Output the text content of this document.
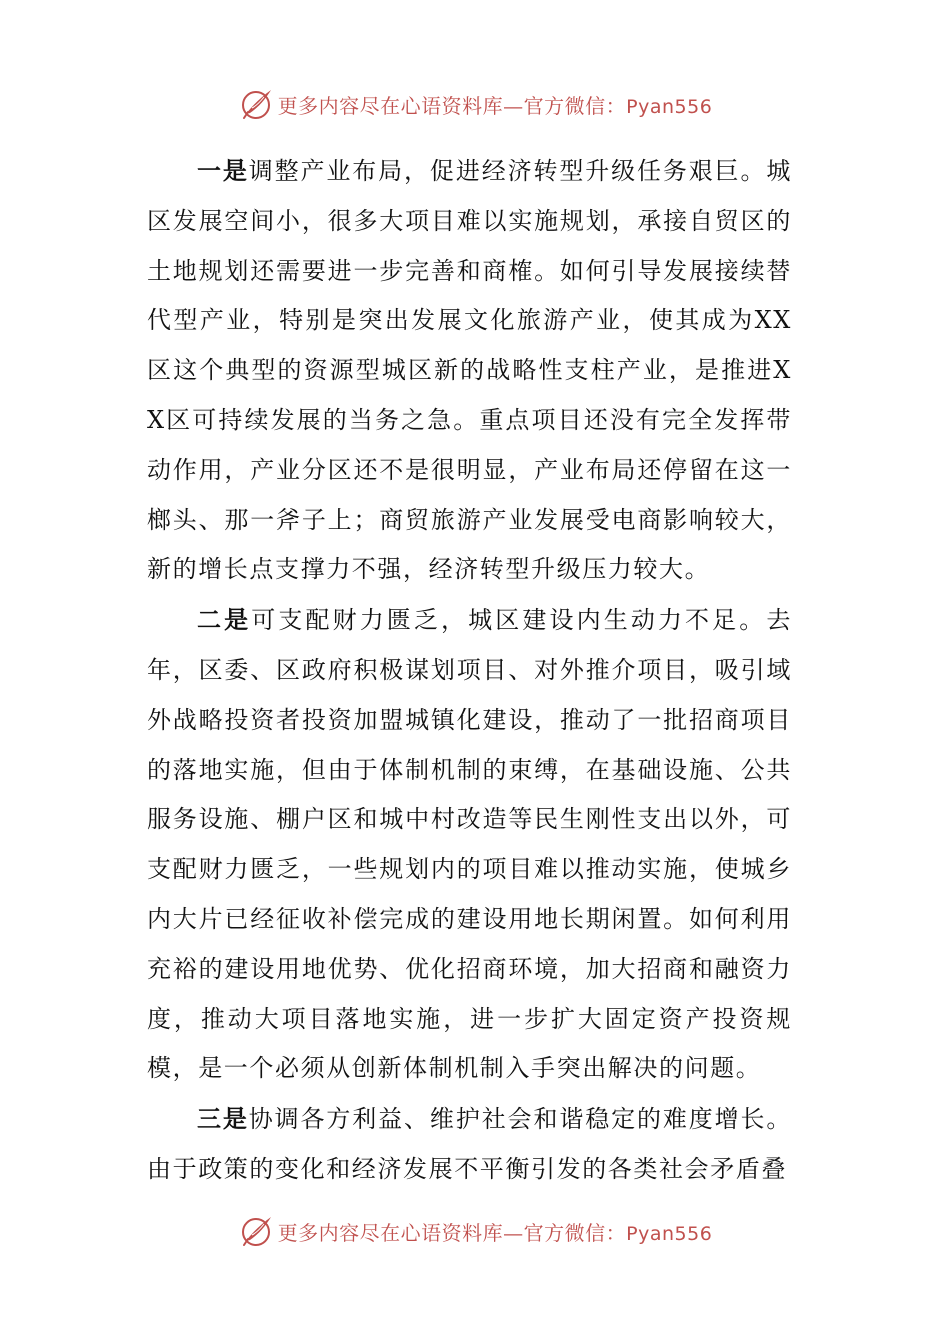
更多内容尽在心语资料库—官方微信：Pyan556

一是调整产业布局，促进经济转型升级任务艰巨。城区发展空间小，很多大项目难以实施规划，承接自贸区的土地规划还需要进一步完善和商榷。如何引导发展接续替代型产业，特别是突出发展文化旅游产业，使其成为XX区这个典型的资源型城区新的战略性支柱产业，是推进XX区可持续发展的当务之急。重点项目还没有完全发挥带动作用，产业分区还不是很明显，产业布局还停留在这一榔头、那一斧子上；商贸旅游产业发展受电商影响较大，新的增长点支撑力不强，经济转型升级压力较大。

二是可支配财力匮乏，城区建设内生动力不足。去年，区委、区政府积极谋划项目、对外推介项目，吸引域外战略投资者投资加盟城镇化建设，推动了一批招商项目的落地实施，但由于体制机制的束缚，在基础设施、公共服务设施、棚户区和城中村改造等民生刚性支出以外，可支配财力匮乏，一些规划内的项目难以推动实施，使城乡内大片已经征收补偿完成的建设用地长期闲置。如何利用充裕的建设用地优势、优化招商环境，加大招商和融资力度，推动大项目落地实施，进一步扩大固定资产投资规模，是一个必须从创新体制机制入手突出解决的问题。

三是协调各方利益、维护社会和谐稳定的难度增长。由于政策的变化和经济发展不平衡引发的各类社会矛盾叠

更多内容尽在心语资料库—官方微信：Pyan556
